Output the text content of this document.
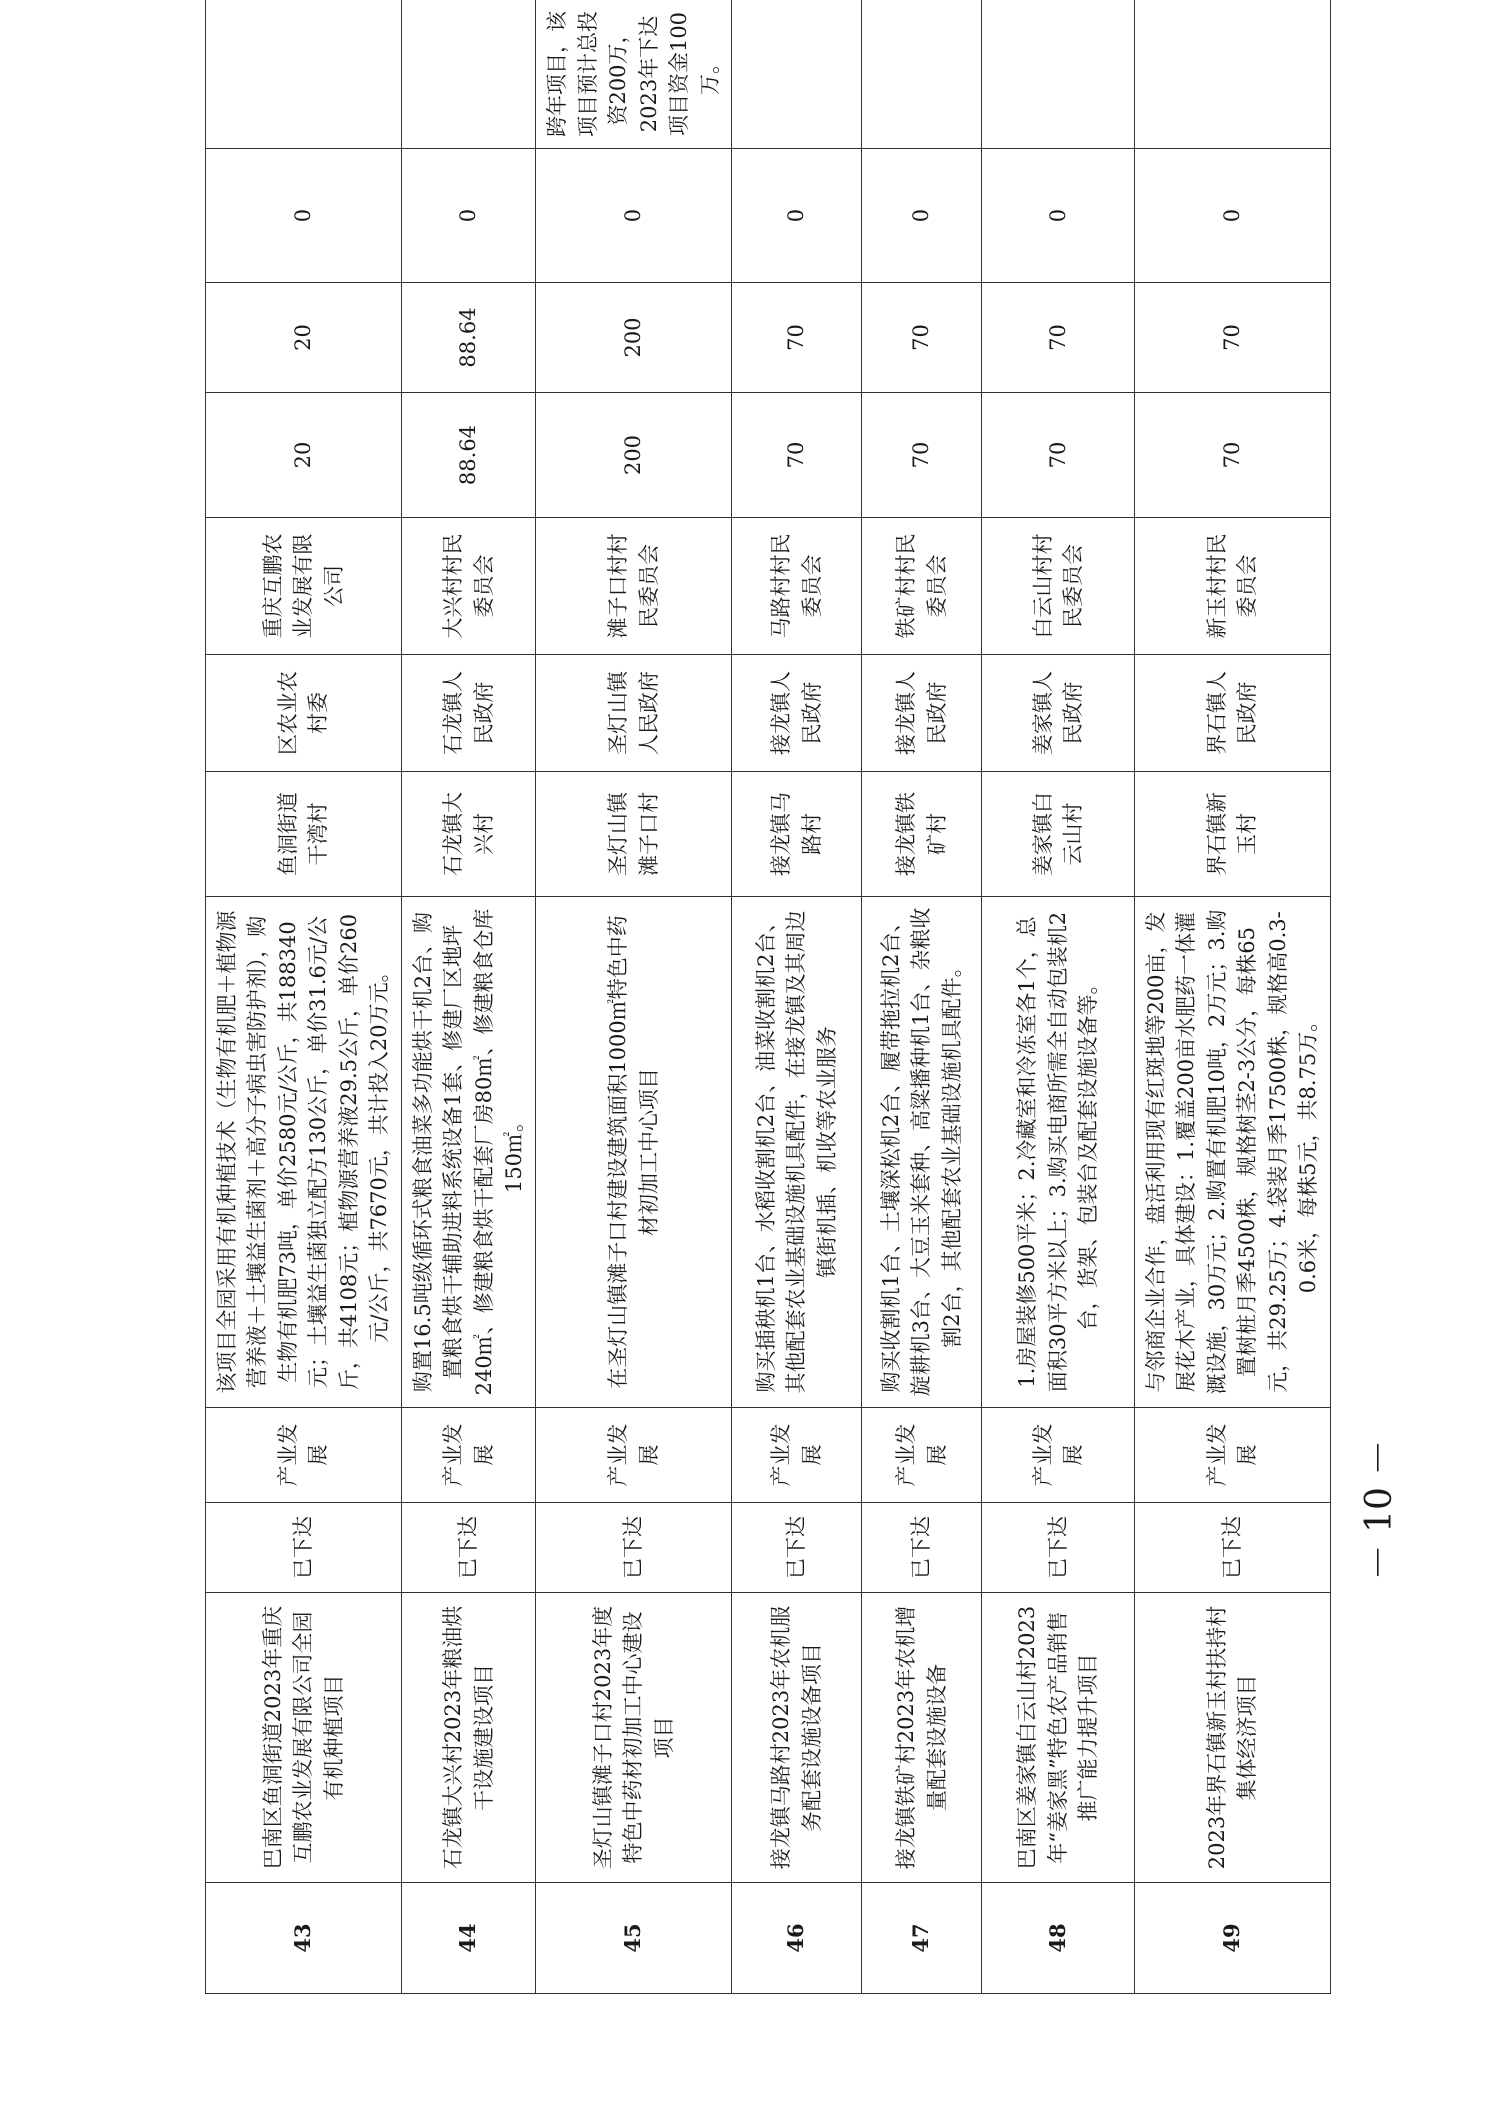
43	巴南区鱼洞街道2023年重庆互鹏农业发展有限公司全园有机种植项目	已下达	产业发展	该项目全园采用有机种植技术（生物有机肥＋植物源营养液＋土壤益生菌剂＋高分子病虫害防护剂），购生物有机肥73吨，单价2580元/公斤，共188340元；土壤益生菌独立配方130公斤，单价31.6元/公斤，共4108元；植物源营养液29.5公斤，单价260元/公斤，共7670元，共计投入20万元。	鱼洞街道干湾村	区农业农村委	重庆互鹏农业发展有限公司	20	20	0	
44	石龙镇大兴村2023年粮油烘干设施建设项目	已下达	产业发展	购置16.5吨级循环式粮食油菜多功能烘干机2台、购置粮食烘干辅助进料系统设备1套、修建厂区地坪240㎡、修建粮食烘干配套厂房80㎡、修建粮食仓库150㎡。	石龙镇大兴村	石龙镇人民政府	大兴村村民委员会	88.64	88.64	0	
45	圣灯山镇滩子口村2023年度特色中药材初加工中心建设项目	已下达	产业发展	在圣灯山镇滩子口村建设建筑面积1000㎡特色中药材初加工中心项目	圣灯山镇滩子口村	圣灯山镇人民政府	滩子口村村民委员会	200	200	0	跨年项目，该项目预计总投资200万，2023年下达项目资金100万。
46	接龙镇马路村2023年农机服务配套设施设备项目	已下达	产业发展	购买插秧机1台、水稻收割机2台、油菜收割机2台、其他配套农业基础设施机具配件，在接龙镇及其周边镇街机插、机收等农业服务	接龙镇马路村	接龙镇人民政府	马路村村民委员会	70	70	0	
47	接龙镇铁矿村2023年农机增量配套设施设备	已下达	产业发展	购买收割机1台、土壤深松机2台、履带拖拉机2台、旋耕机3台、大豆玉米套种、高粱播种机1台、杂粮收割2台，其他配套农业基础设施机具配件。	接龙镇铁矿村	接龙镇人民政府	铁矿村村民委员会	70	70	0	
48	巴南区姜家镇白云山村2023年“姜家黑”特色农产品销售推广能力提升项目	已下达	产业发展	1.房屋装修500平米；2.冷藏室和冷冻室各1个，总面积30平方米以上；3.购买电商所需全自动包装机2台，货架、包装台及配套设施设备等。	姜家镇白云山村	姜家镇人民政府	白云山村村民委员会	70	70	0	
49	2023年界石镇新玉村扶持村集体经济项目	已下达	产业发展	与邻商企业合作，盘活利用现有红斑地等200亩，发展花木产业，具体建设：1.覆盖200亩水肥药一体灌溉设施，30万元；2.购置有机肥10吨，2万元；3.购置树桩月季4500株，规格树茎2-3公分，每株65元，共29.25万；4.袋装月季17500株，规格高0.3-0.6米，每株5元，共8.75万。	界石镇新玉村	界石镇人民政府	新玉村村民委员会	70	70	0	
－ 10 －
